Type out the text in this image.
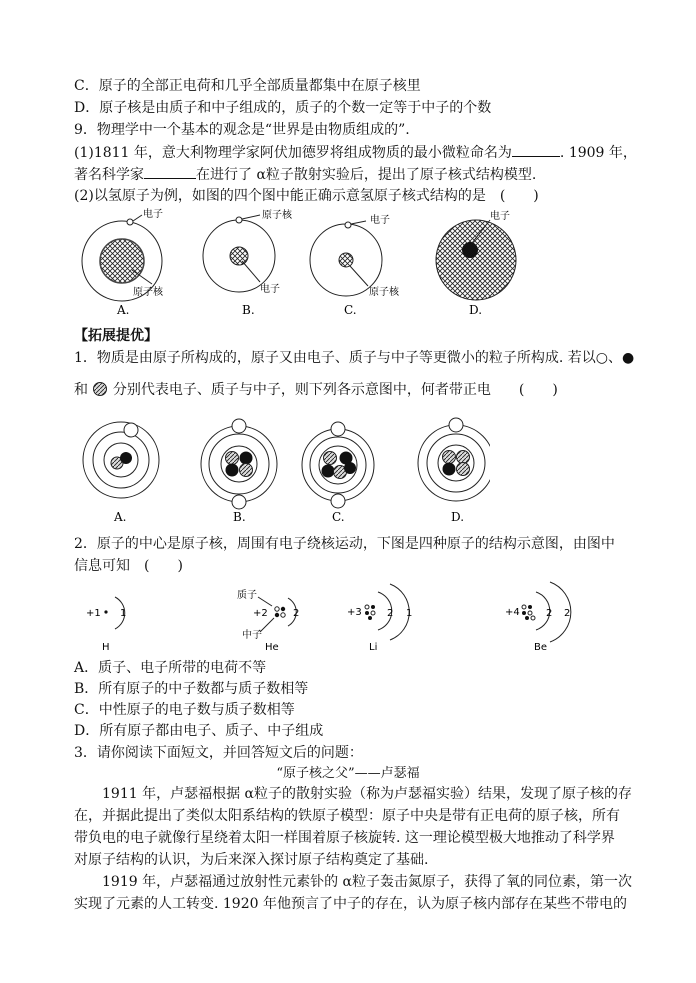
C．原子的全部正电荷和几乎全部质量都集中在原子核里
D．原子核是由质子和中子组成的，质子的个数一定等于中子的个数
9．物理学中一个基本的观念是“世界是由物质组成的”.
(1)1811 年，意大利物理学家阿伏加德罗将组成物质的最小微粒命名为	. 1909 年，
著名科学家	在进行了 α粒子散射实验后，提出了原子核式结构模型.
(2)以氢原子为例，如图的四个图中能正确示意氢原子核式结构的是　(　　)
电子
原子核
A.
原子核
电子
B.
电子
原子核
C.
电子
D.
【拓展提优】
1．物质是由原子所构成的，原子又由电子、质子与中子等更微小的粒子所构成. 若以○、●
和 分别代表电子、质子与中子，则下列各示意图中，何者带正电　　(　　)
A.	B.	C.	D.
2．原子的中心是原子核，周围有电子绕核运动，下图是四种原子的结构示意图，由图中
信息可知　(　　)
+1 1
H
质子
+2	2
中子
He
+3	2 1
Li
+4	2 2
Be
A．质子、电子所带的电荷不等
B．所有原子的中子数都与质子数相等
C．中性原子的电子数与质子数相等
D．所有原子都由电子、质子、中子组成
3．请你阅读下面短文，并回答短文后的问题：
“原子核之父”——卢瑟福
1911 年，卢瑟福根据 α粒子的散射实验（称为卢瑟福实验）结果，发现了原子核的存
在，并据此提出了类似太阳系结构的铁原子模型：原子中央是带有正电荷的原子核，所有
带负电的电子就像行星绕着太阳一样围着原子核旋转. 这一理论模型极大地推动了科学界
对原子结构的认识，为后来深入探讨原子结构奠定了基础.
1919 年，卢瑟福通过放射性元素钋的 α粒子轰击氮原子，获得了氧的同位素，第一次
实现了元素的人工转变. 1920 年他预言了中子的存在，认为原子核内部存在某些不带电的
